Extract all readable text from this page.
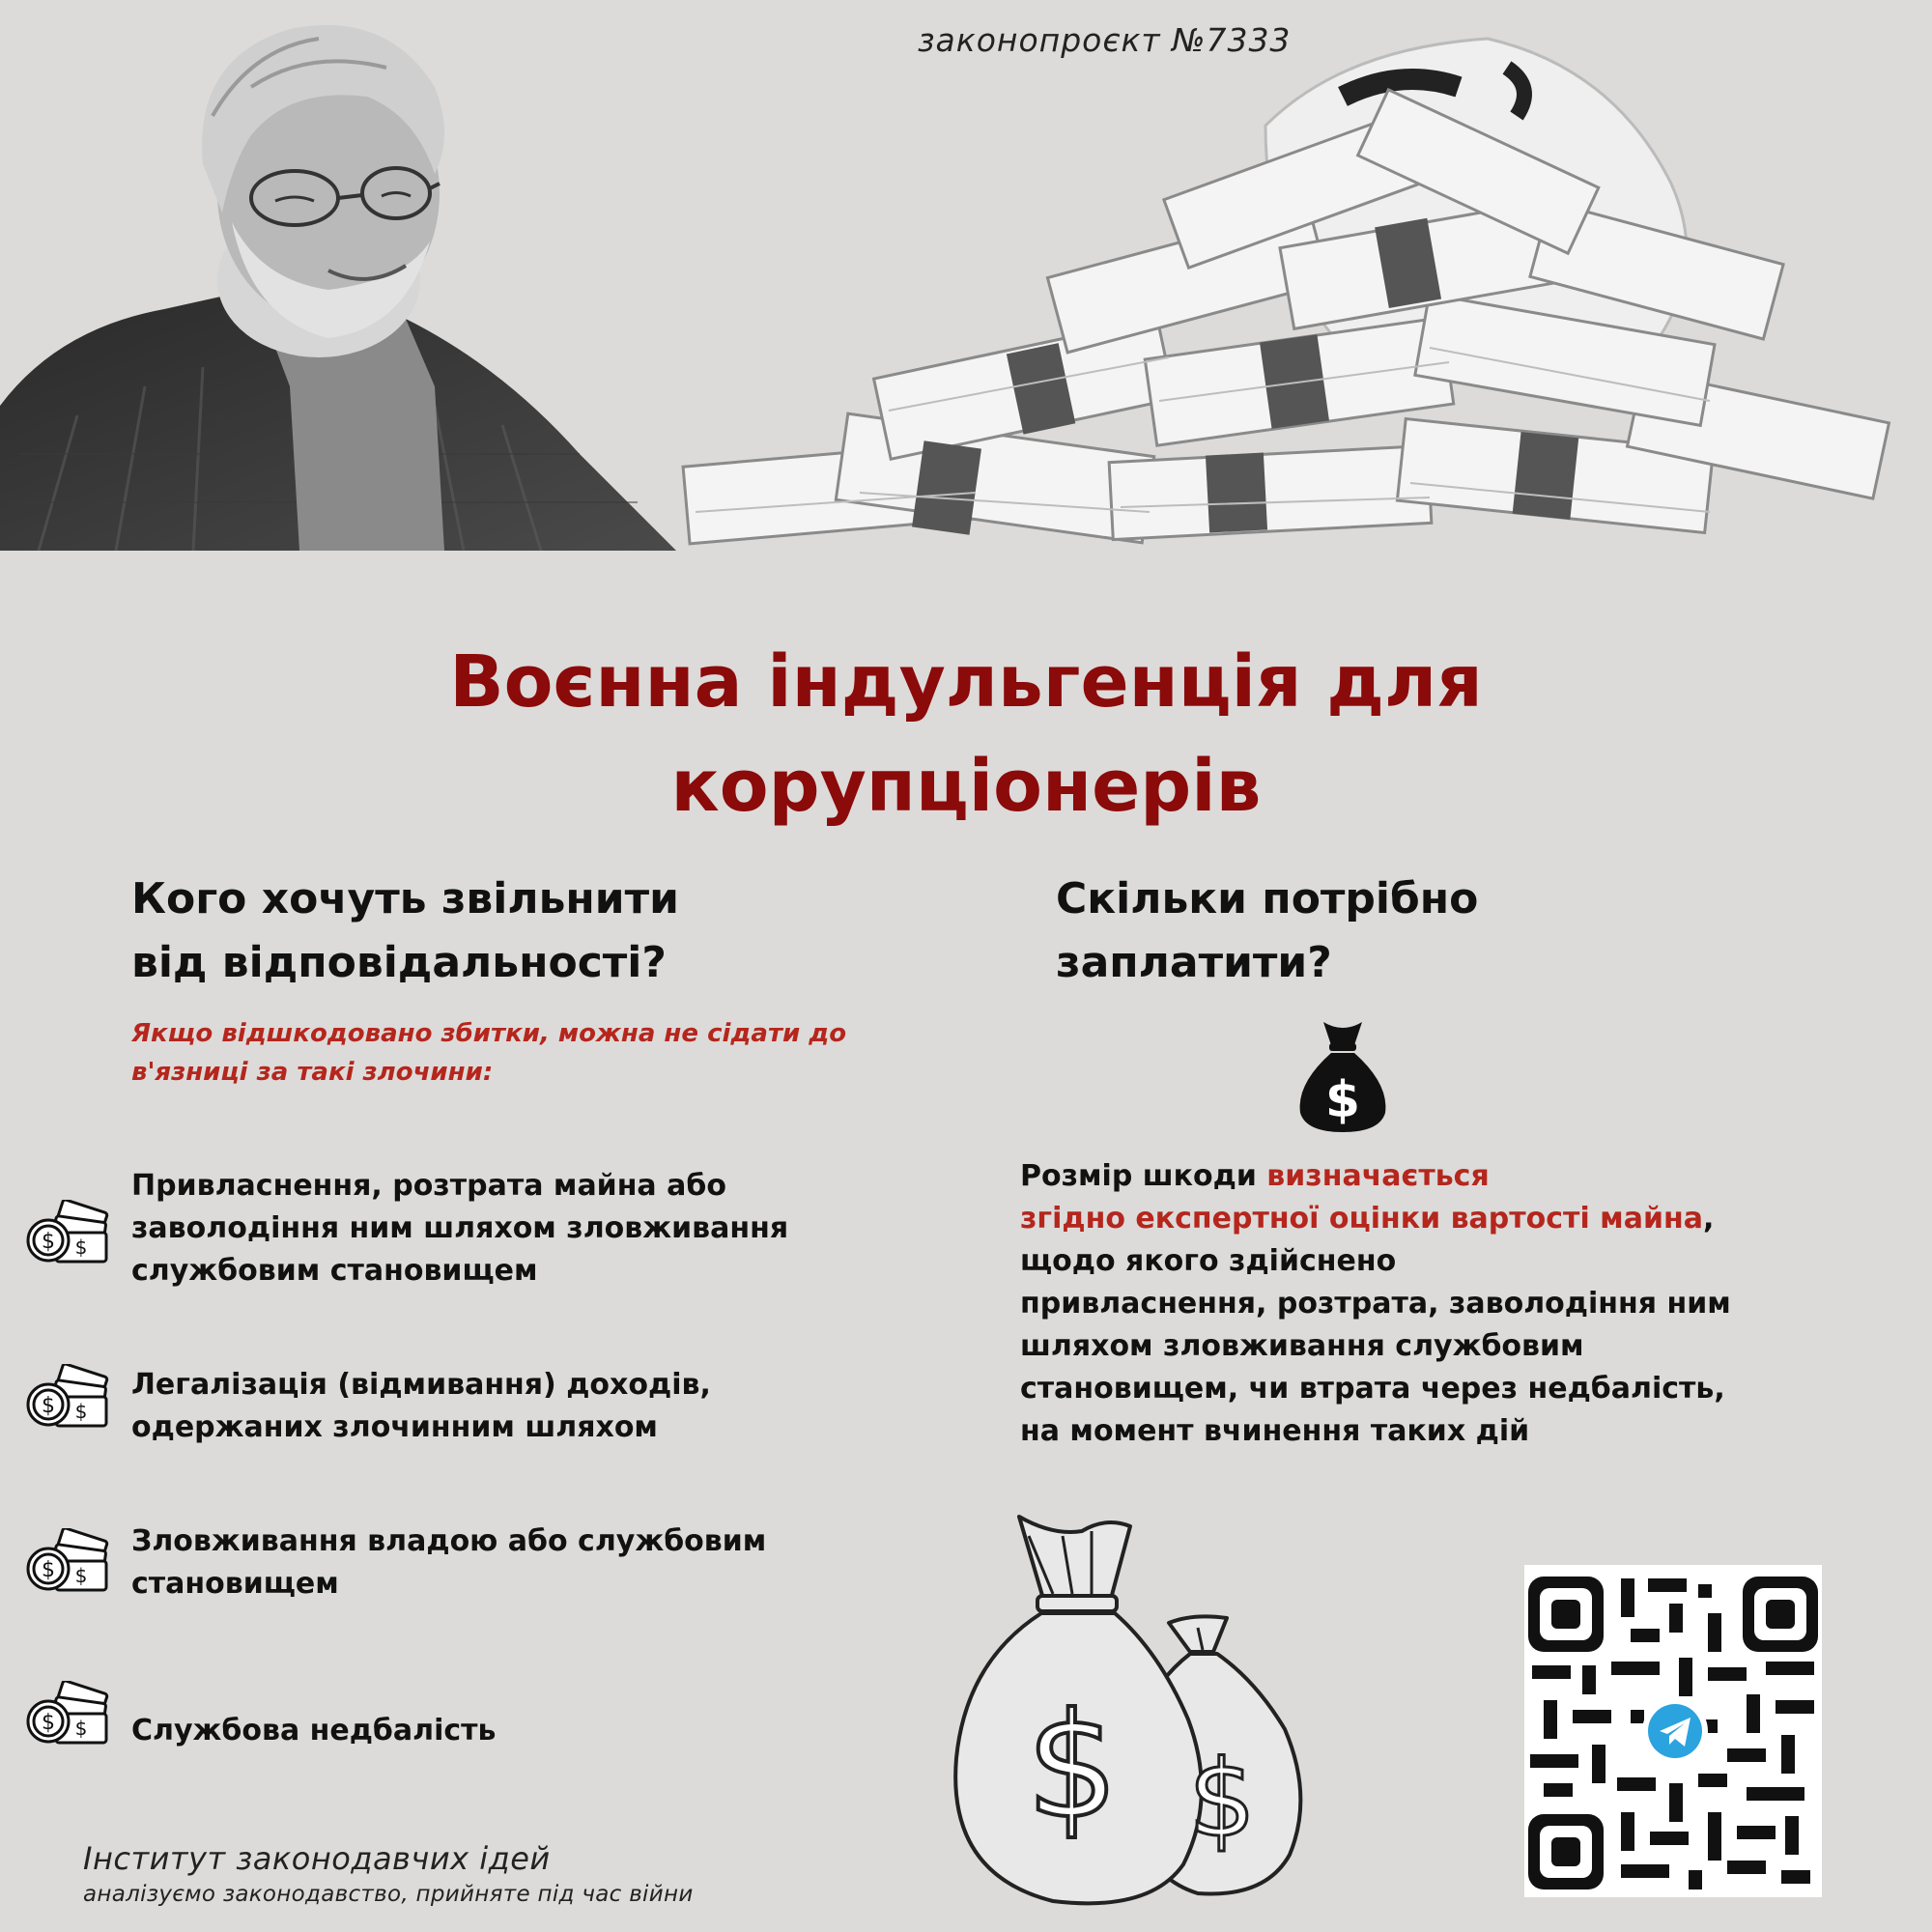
законопроєкт №7333
Воєнна індульгенція для
корупціонерів
Кого хочуть звільнити
від відповідальності?
Скільки потрібно
заплатити?
Якщо відшкодовано збитки, можна не сідати до
в'язниці за такі злочини:
$ $
$ $
$ $
$ $
Привласнення, розтрата майна або
заволодіння ним шляхом зловживання
службовим становищем
Легалізація (відмивання) доходів,
одержаних злочинним шляхом
Зловживання владою або службовим
становищем
Службова недбалість
$
Розмір шкоди визначається
згідно експертної оцінки вартості майна,
щодо якого здійснено
привласнення, розтрата, заволодіння ним
шляхом зловживання службовим
становищем, чи втрата через недбалість,
на момент вчинення таких дій
$ $
Інститут законодавчих ідей
аналізуємо законодавство, прийняте під час війни
